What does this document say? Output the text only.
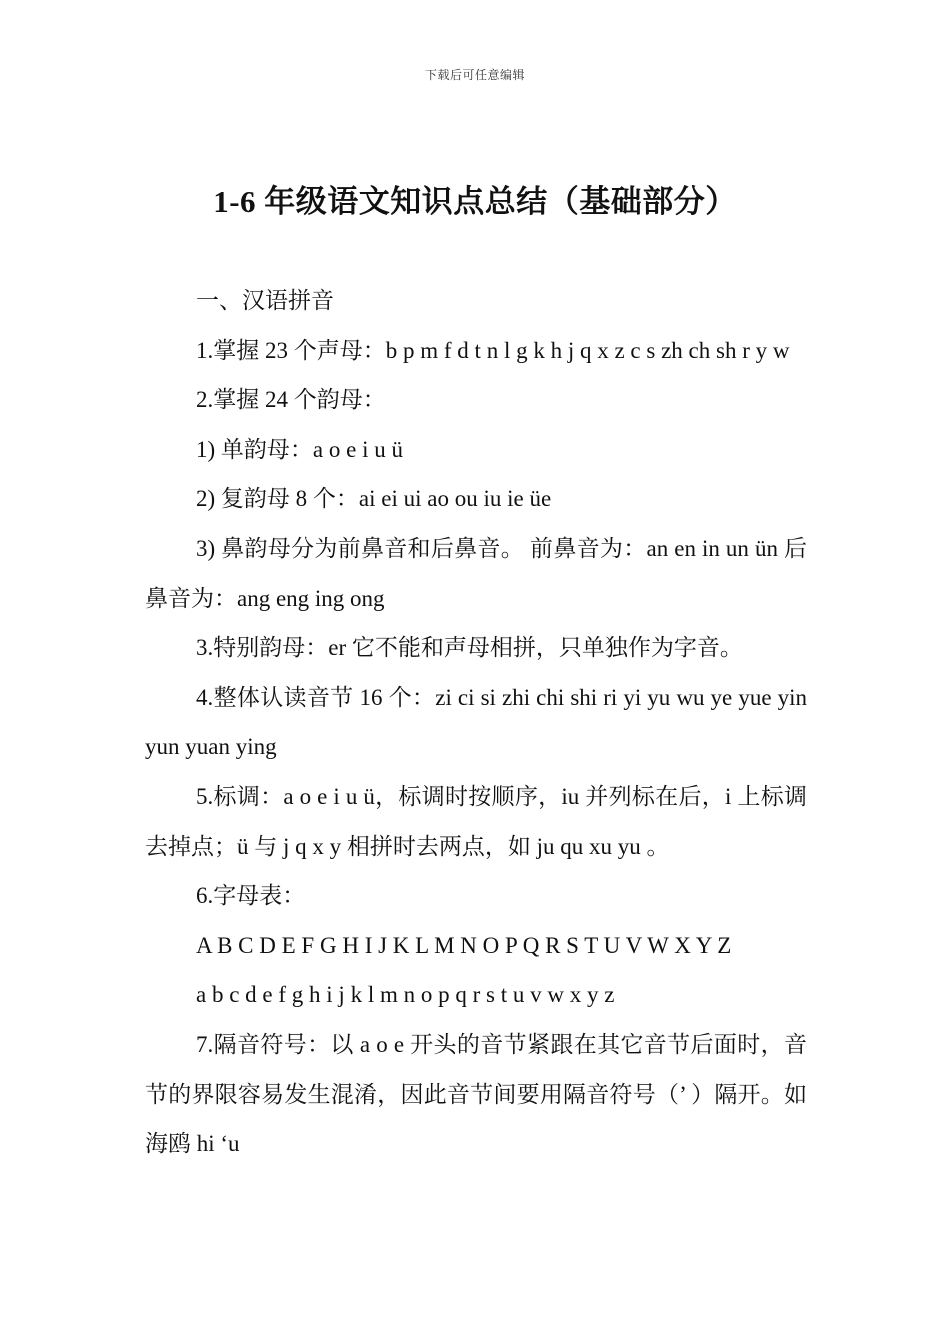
下载后可任意编辑
1-6 年级语文知识点总结（基础部分）

一、汉语拼音

1.掌握 23 个声母：b p m f d t n l g k h j q x z c s zh ch sh r y w

2.掌握 24 个韵母：

1) 单韵母：a o e i u ü

2) 复韵母 8 个：ai ei ui ao ou iu ie üe

3) 鼻韵母分为前鼻音和后鼻音。 前鼻音为：an en in un ün 后鼻音为：ang eng ing ong

3.特别韵母：er 它不能和声母相拼，只单独作为字音。

4.整体认读音节 16 个：zi ci si zhi chi shi ri yi yu wu ye yue yin yun yuan ying

5.标调：a o e i u ü，标调时按顺序，iu 并列标在后，i 上标调去掉点；ü 与 j q x y 相拼时去两点，如 ju qu xu yu 。

6.字母表：

A B C D E F G H I J K L M N O P Q R S T U V W X Y Z

a b c d e f g h i j k l m n o p q r s t u v w x y z

7.隔音符号：以 a o e 开头的音节紧跟在其它音节后面时，音节的界限容易发生混淆，因此音节间要用隔音符号（’ ）隔开。如海鸥 hi ‘u
